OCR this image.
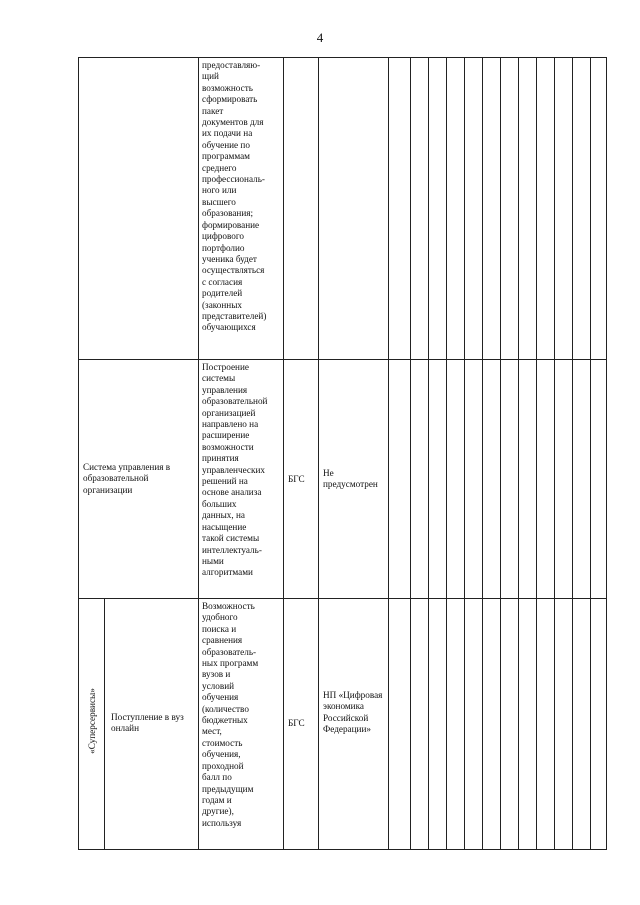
4
предоставляю-
щий
возможность
сформировать
пакет
документов для
их подачи на
обучение по
программам
среднего
профессиональ-
ного или
высшего
образования;
формирование
цифрового
портфолио
ученика будет
осуществляться
с согласия
родителей
(законных
представителей)
обучающихся
Система управления в образовательной организации
Построение
системы
управления
образовательной
организацией
направлено на
расширение
возможности
принятия
управленческих
решений на
основе анализа
больших
данных, на
насыщение
такой системы
интеллектуаль-
ными
алгоритмами
БГС
Не предусмотрен
«Суперсервисы» Поступление в вуз онлайн
Возможность
удобного
поиска и
сравнения
образователь-
ных программ
вузов и
условий
обучения
(количество
бюджетных
мест,
стоимость
обучения,
проходной
балл по
предыдущим
годам и
другие),
используя
БГС
НП «Цифровая экономика Российской Федерации»
